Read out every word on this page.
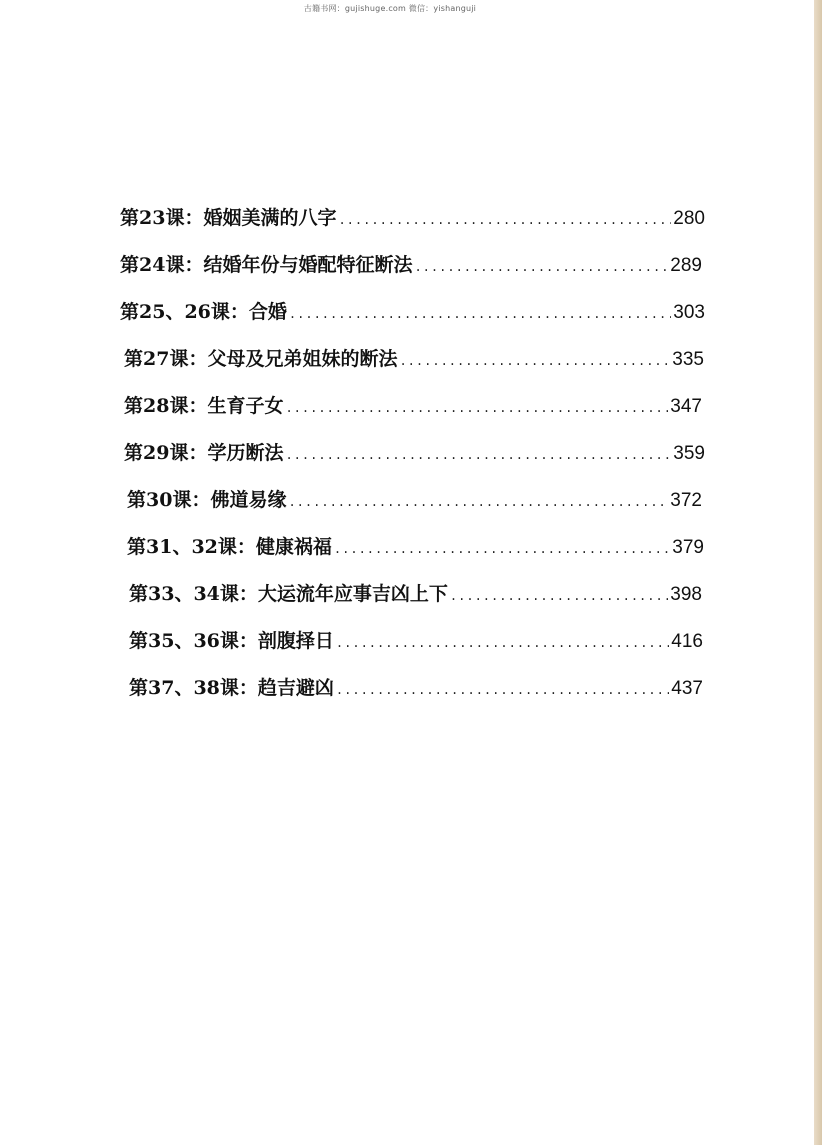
古籍书网：gujishuge.com 微信：yishanguji
第23课：婚姻美满的八字 .....	280
第24课：结婚年份与婚配特征断法 .....	289
第25、26课：合婚 .....	303
第27课：父母及兄弟姐妹的断法 .....	335
第28课：生育子女 .....	347
第29课：学历断法 .....	359
第30课：佛道易缘 .....	372
第31、32课：健康祸福 .....	379
第33、34课：大运流年应事吉凶上下 .....	398
第35、36课：剖腹择日 .....	416
第37、38课：趋吉避凶 .....	437
